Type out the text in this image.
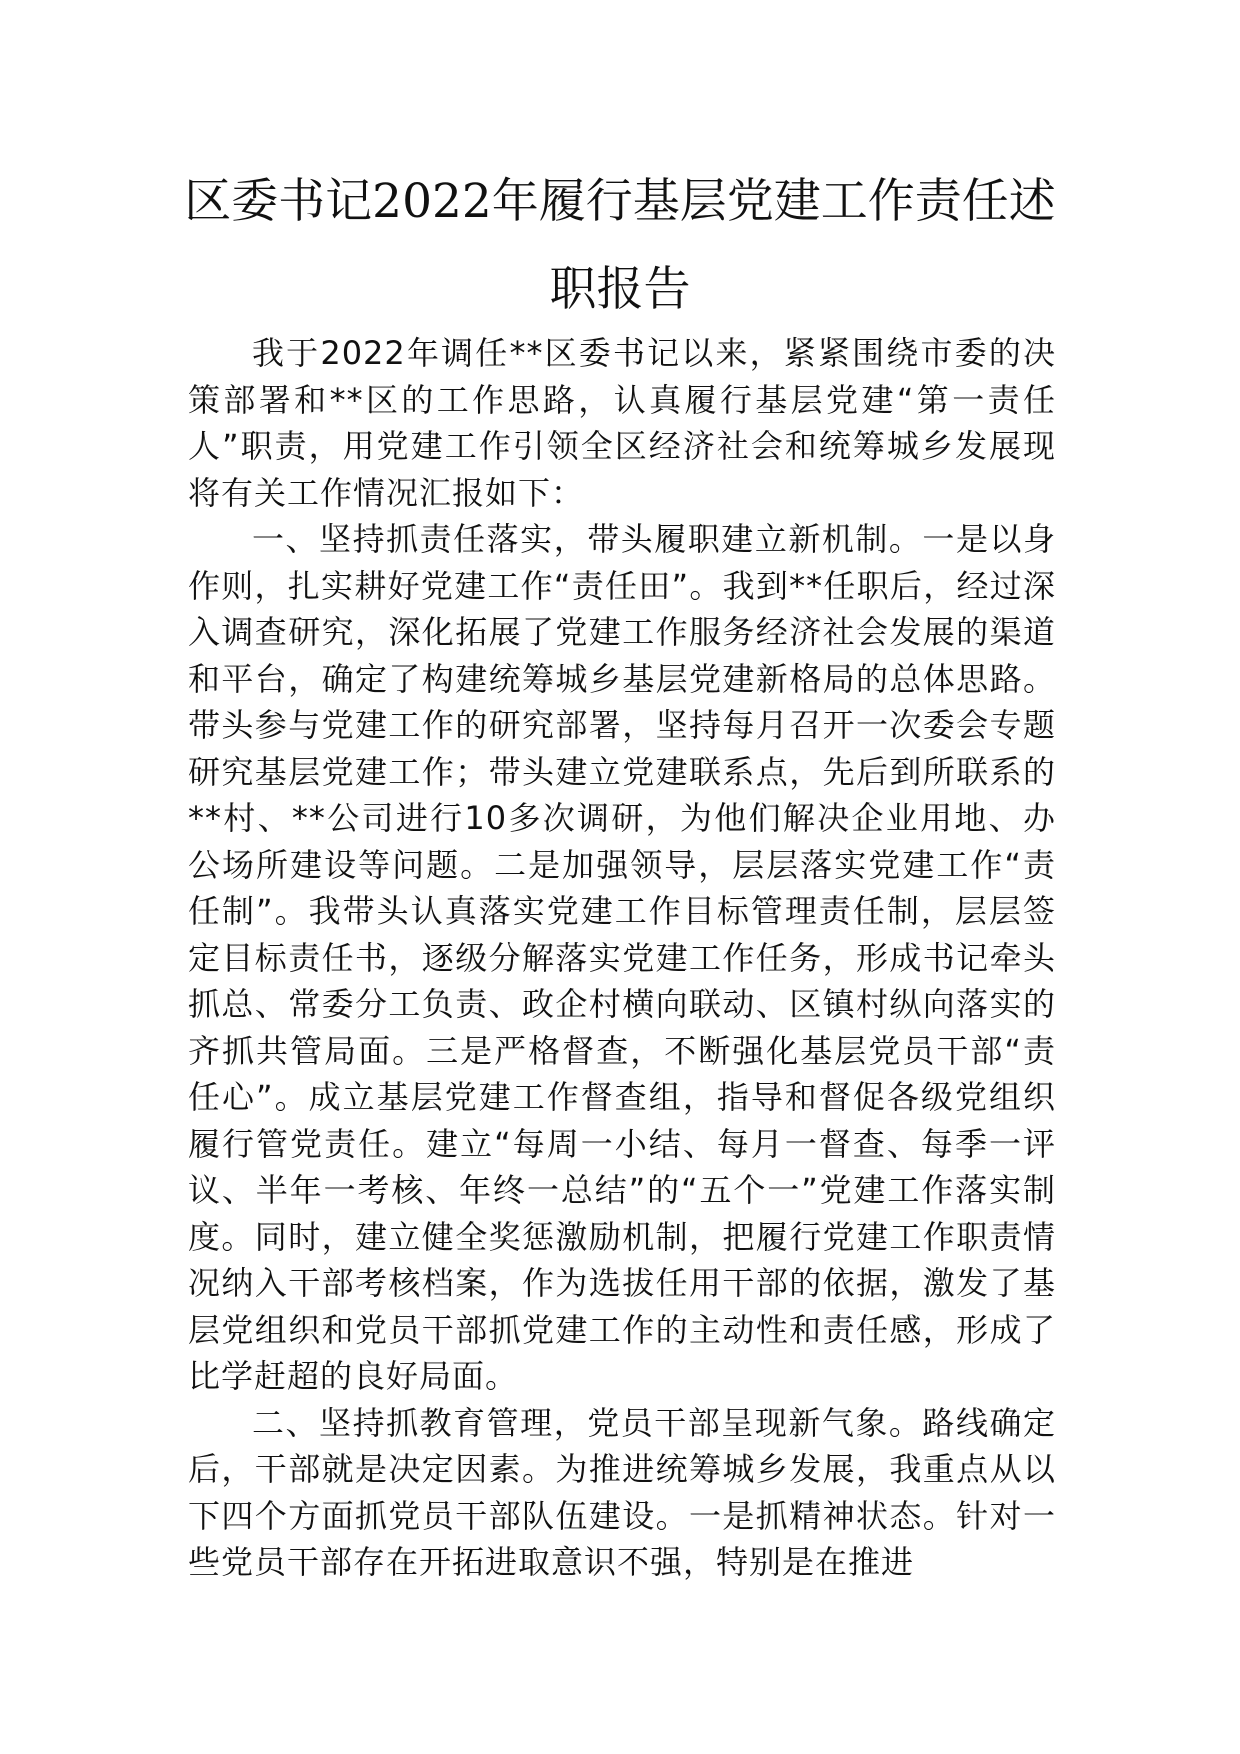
区委书记2022年履行基层党建工作责任述
职报告

我于2022年调任**区委书记以来，紧紧围绕市委的决策部署和**区的工作思路，认真履行基层党建“第一责任人”职责，用党建工作引领全区经济社会和统筹城乡发展现将有关工作情况汇报如下：

一、坚持抓责任落实，带头履职建立新机制。一是以身作则，扎实耕好党建工作“责任田”。我到**任职后，经过深入调查研究，深化拓展了党建工作服务经济社会发展的渠道和平台，确定了构建统筹城乡基层党建新格局的总体思路。带头参与党建工作的研究部署，坚持每月召开一次委会专题研究基层党建工作；带头建立党建联系点，先后到所联系的**村、**公司进行10多次调研，为他们解决企业用地、办公场所建设等问题。二是加强领导，层层落实党建工作“责任制”。我带头认真落实党建工作目标管理责任制，层层签定目标责任书，逐级分解落实党建工作任务，形成书记牵头抓总、常委分工负责、政企村横向联动、区镇村纵向落实的齐抓共管局面。三是严格督查，不断强化基层党员干部“责任心”。成立基层党建工作督查组，指导和督促各级党组织履行管党责任。建立“每周一小结、每月一督查、每季一评议、半年一考核、年终一总结”的“五个一”党建工作落实制度。同时，建立健全奖惩激励机制，把履行党建工作职责情况纳入干部考核档案，作为选拔任用干部的依据，激发了基层党组织和党员干部抓党建工作的主动性和责任感，形成了比学赶超的良好局面。

二、坚持抓教育管理，党员干部呈现新气象。路线确定后，干部就是决定因素。为推进统筹城乡发展，我重点从以下四个方面抓党员干部队伍建设。一是抓精神状态。针对一些党员干部存在开拓进取意识不强，特别是在推进
